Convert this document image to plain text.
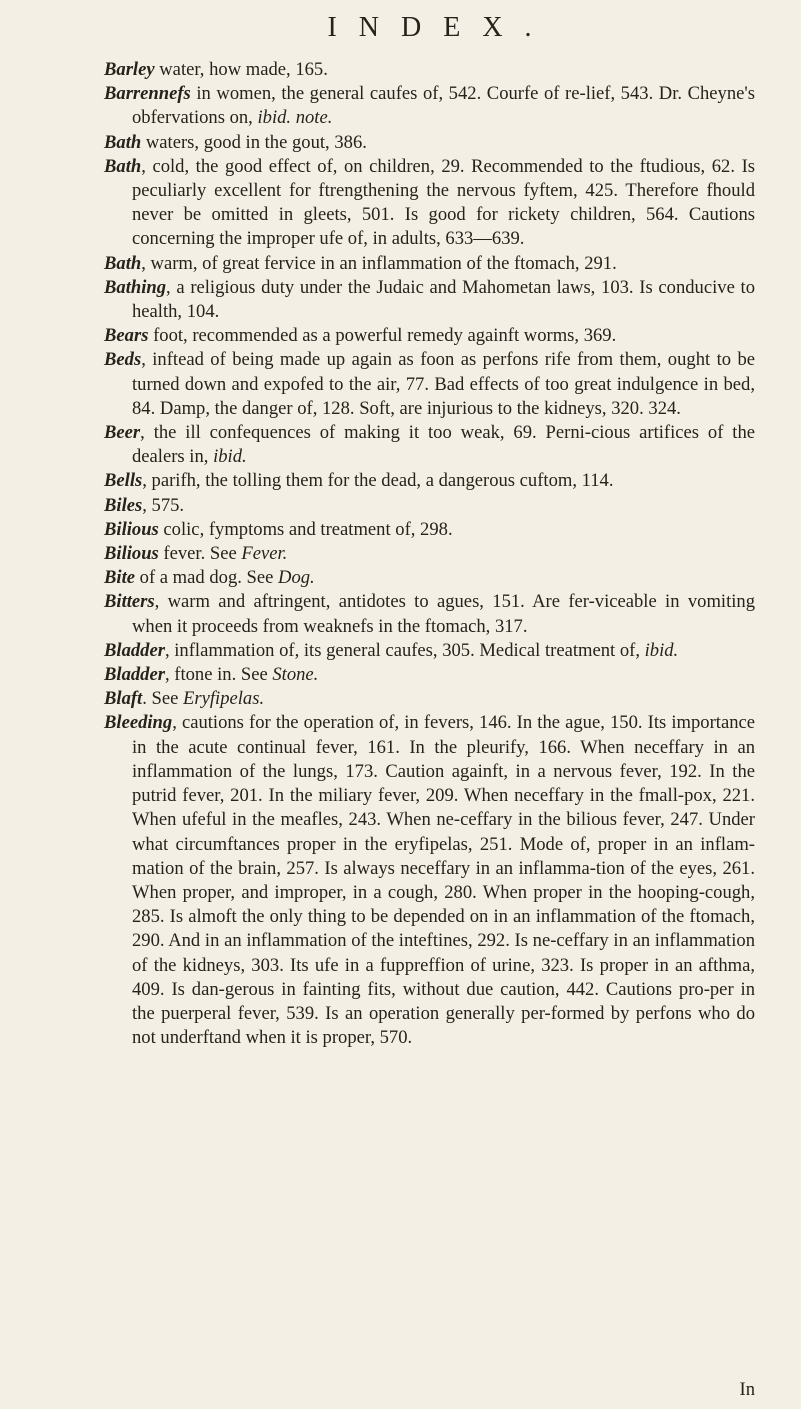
INDEX.

Barley water, how made, 165.

Barrennefs in women, the general caufes of, 542. Courfe of re-lief, 543. Dr. Cheyne's obfervations on, ibid. note.

Bath waters, good in the gout, 386.

Bath, cold, the good effect of, on children, 29. Recommended to the ftudious, 62. Is peculiarly excellent for ftrengthening the nervous fyftem, 425. Therefore fhould never be omitted in gleets, 501. Is good for rickety children, 564. Cautions concerning the improper ufe of, in adults, 633—639.

Bath, warm, of great fervice in an inflammation of the ftomach, 291.

Bathing, a religious duty under the Judaic and Mahometan laws, 103. Is conducive to health, 104.

Bears foot, recommended as a powerful remedy againft worms, 369.

Beds, inftead of being made up again as foon as perfons rife from them, ought to be turned down and expofed to the air, 77. Bad effects of too great indulgence in bed, 84. Damp, the danger of, 128. Soft, are injurious to the kidneys, 320. 324.

Beer, the ill confequences of making it too weak, 69. Perni-cious artifices of the dealers in, ibid.

Bells, parifh, the tolling them for the dead, a dangerous cuftom, 114.

Biles, 575.

Bilious colic, fymptoms and treatment of, 298.

Bilious fever. See Fever.

Bite of a mad dog. See Dog.

Bitters, warm and aftringent, antidotes to agues, 151. Are fer-viceable in vomiting when it proceeds from weaknefs in the ftomach, 317.

Bladder, inflammation of, its general caufes, 305. Medical treatment of, ibid.

Bladder, ftone in. See Stone.

Blaft. See Eryfipelas.

Bleeding, cautions for the operation of, in fevers, 146. In the ague, 150. Its importance in the acute continual fever, 161. In the pleurify, 166. When neceffary in an inflammation of the lungs, 173. Caution againft, in a nervous fever, 192. In the putrid fever, 201. In the miliary fever, 209. When neceffary in the fmall-pox, 221. When ufeful in the meafles, 243. When ne-ceffary in the bilious fever, 247. Under what circumftances proper in the eryfipelas, 251. Mode of, proper in an inflam-mation of the brain, 257. Is always neceffary in an inflamma-tion of the eyes, 261. When proper, and improper, in a cough, 280. When proper in the hooping-cough, 285. Is almoft the only thing to be depended on in an inflammation of the ftomach, 290. And in an inflammation of the inteftines, 292. Is ne-ceffary in an inflammation of the kidneys, 303. Its ufe in a fuppreffion of urine, 323. Is proper in an afthma, 409. Is dan-gerous in fainting fits, without due caution, 442. Cautions pro-per in the puerperal fever, 539. Is an operation generally per-formed by perfons who do not underftand when it is proper, 570.

In
